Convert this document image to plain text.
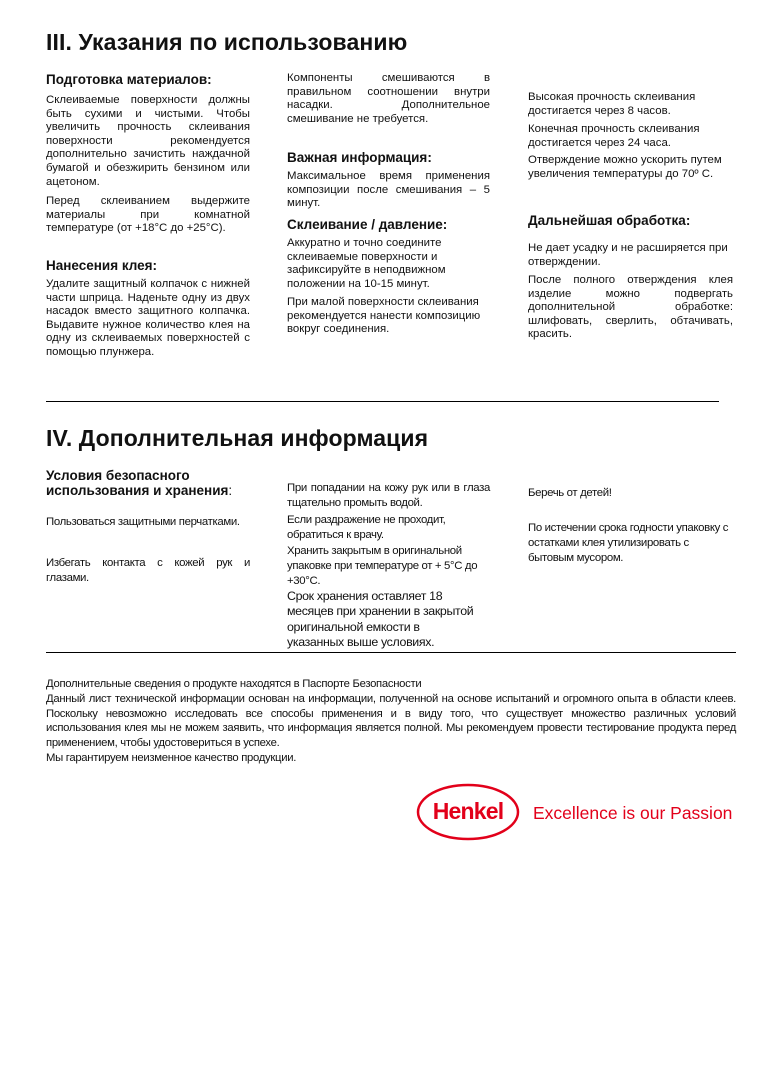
III. Указания по использованию
Подготовка материалов:
Склеиваемые поверхности должны быть сухими и чистыми. Чтобы увеличить прочность склеивания поверхности рекомендуется дополнительно зачистить наждачной бумагой и обезжирить бензином или ацетоном.
Перед склеиванием выдержите материалы при комнатной температуре (от +18°C до +25°C).
Нанесения клея:
Удалите защитный колпачок с нижней части шприца. Наденьте одну из двух насадок вместо защитного колпачка. Выдавите нужное количество клея на одну из склеиваемых поверхностей с помощью плунжера.
Компоненты смешиваются в правильном соотношении внутри насадки. Дополнительное смешивание не требуется.
Важная информация:
Максимальное время применения композиции после смешивания – 5 минут.
Склеивание / давление:
Аккуратно и точно соедините склеиваемые поверхности и зафиксируйте в неподвижном положении на 10-15 минут.
При малой поверхности склеивания рекомендуется нанести композицию вокруг соединения.
Высокая прочность склеивания достигается через 8 часов.
Конечная прочность склеивания достигается через 24 часа.
Отверждение можно ускорить путем увеличения температуры до 70º С.
Дальнейшая обработка:
Не дает усадку и не расширяется при отверждении.
После полного отверждения клея изделие можно подвергать дополнительной обработке: шлифовать, сверлить, обтачивать, красить.
IV. Дополнительная информация
Условия безопасного использования и хранения:
Пользоваться защитными перчатками.
Избегать контакта с кожей рук и глазами.
При попадании на кожу рук или в глаза тщательно промыть водой.
Если раздражение не проходит, обратиться к врачу.
Хранить закрытым в оригинальной упаковке при температуре от + 5°C до +30°C.
Срок хранения оставляет 18 месяцев при хранении в закрытой оригинальной емкости в указанных выше условиях.
Беречь от детей!
По истечении срока годности упаковку с остатками клея утилизировать с бытовым мусором.
Дополнительные сведения о продукте находятся в Паспорте Безопасности
Данный лист технической информации основан на информации, полученной на основе испытаний и огромного опыта в области клеев. Поскольку невозможно исследовать все способы применения и в виду того, что существует множество различных условий использования клея мы не можем заявить, что информация является полной. Мы рекомендуем провести тестирование продукта перед применением, чтобы удостовериться в успехе.
Мы гарантируем неизменное качество продукции.
Henkel	Excellence is our Passion
